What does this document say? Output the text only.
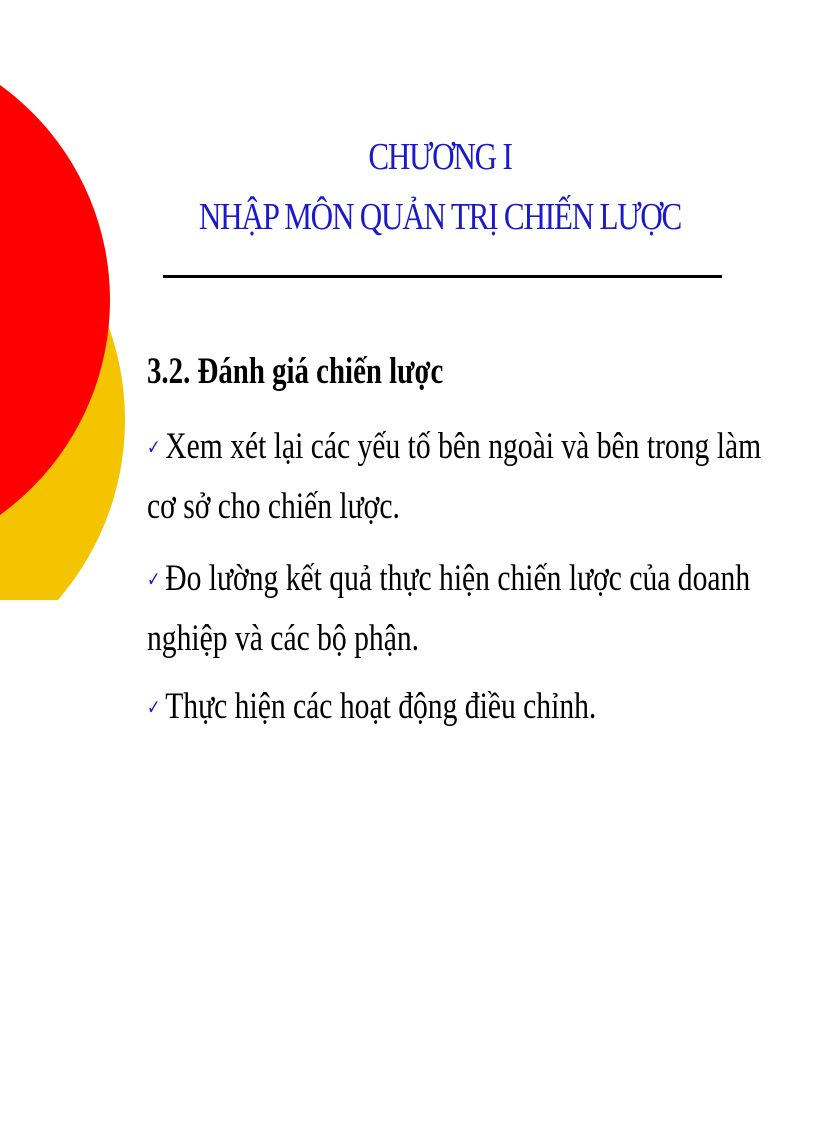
CHƯƠNG I
NHẬP MÔN QUẢN TRỊ CHIẾN LƯỢC
3.2. Đánh giá chiến lược
✓ Xem xét lại các yếu tố bên ngoài và bên trong làm
cơ sở cho chiến lược.
✓ Đo lường kết quả thực hiện chiến lược của doanh
nghiệp và các bộ phận.
✓ Thực hiện các hoạt động điều chỉnh.
